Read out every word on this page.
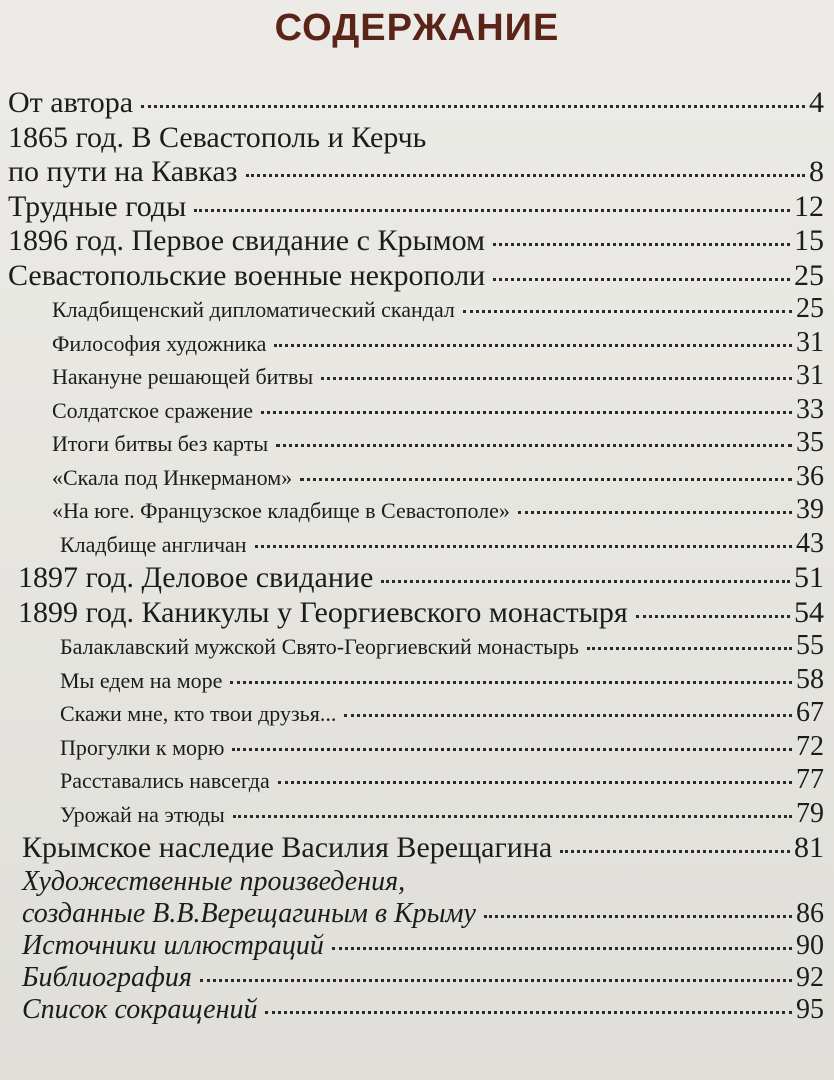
СОДЕРЖАНИЕ
От автора	4
1865 год. В Севастополь и Керчь
по пути на Кавказ	8
Трудные годы	12
1896 год. Первое свидание с Крымом	15
Севастопольские военные некрополи	25
Кладбищенский дипломатический скандал	25
Философия художника	31
Накануне решающей битвы	31
Солдатское сражение	33
Итоги битвы без карты	35
«Скала под Инкерманом»	36
«На юге. Французское кладбище в Севастополе»	39
Кладбище англичан	43
1897 год. Деловое свидание	51
1899 год. Каникулы у Георгиевского монастыря	54
Балаклавский мужской Свято-Георгиевский монастырь	55
Мы едем на море	58
Скажи мне, кто твои друзья...	67
Прогулки к морю	72
Расставались навсегда	77
Урожай на этюды	79
Крымское наследие Василия Верещагина	81
Художественные произведения,
созданные В.В.Верещагиным в Крыму	86
Источники иллюстраций	90
Библиография	92
Список сокращений	95
